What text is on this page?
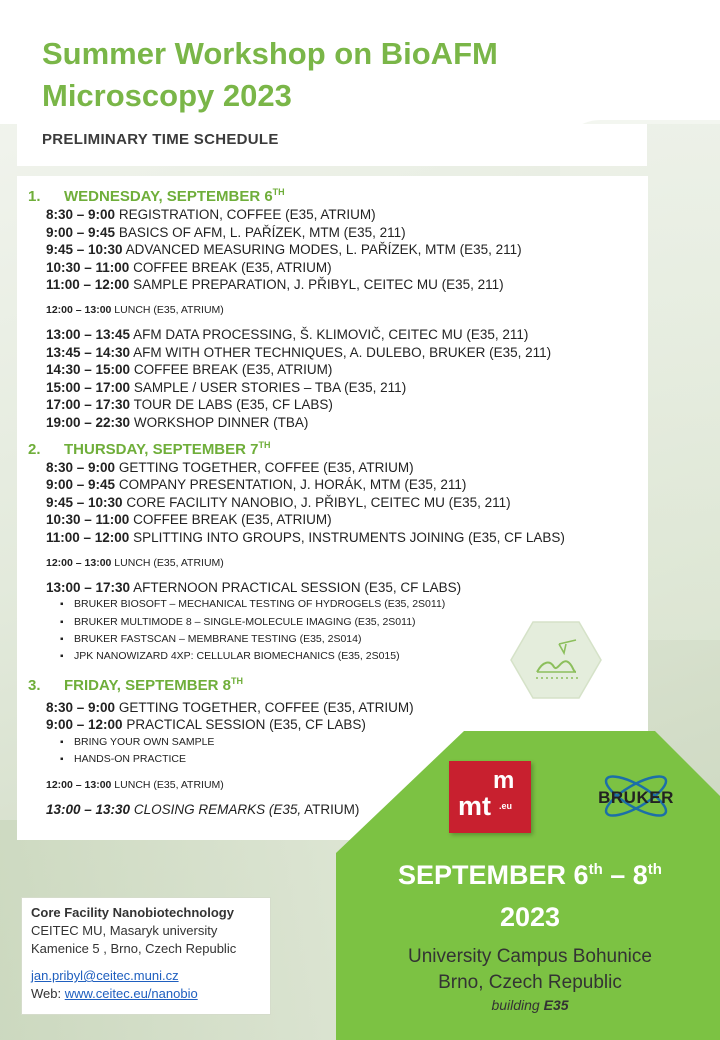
Summer Workshop on BioAFM
Microscopy 2023
PRELIMINARY TIME SCHEDULE
1. WEDNESDAY, SEPTEMBER 6TH
8:30 – 9:00 REGISTRATION, COFFEE (E35, ATRIUM)
9:00 – 9:45 BASICS OF AFM, L. PAŘÍZEK, MTM (E35, 211)
9:45 – 10:30 ADVANCED MEASURING MODES, L. PAŘÍZEK, MTM (E35, 211)
10:30 – 11:00 COFFEE BREAK (E35, ATRIUM)
11:00 – 12:00 SAMPLE PREPARATION, J. PŘIBYL, CEITEC MU (E35, 211)
12:00 – 13:00 LUNCH (E35, ATRIUM)
13:00 – 13:45 AFM DATA PROCESSING, Š. KLIMOVIČ, CEITEC MU (E35, 211)
13:45 – 14:30 AFM WITH OTHER TECHNIQUES, A. DULEBO, BRUKER (E35, 211)
14:30 – 15:00 COFFEE BREAK (E35, ATRIUM)
15:00 – 17:00 SAMPLE / USER STORIES – TBA (E35, 211)
17:00 – 17:30 TOUR DE LABS (E35, CF LABS)
19:00 – 22:30 WORKSHOP DINNER (TBA)
2. THURSDAY, SEPTEMBER 7TH
8:30 – 9:00 GETTING TOGETHER, COFFEE (E35, ATRIUM)
9:00 – 9:45 COMPANY PRESENTATION, J. HORÁK, MTM (E35, 211)
9:45 – 10:30 CORE FACILITY NANOBIO, J. PŘIBYL, CEITEC MU (E35, 211)
10:30 – 11:00 COFFEE BREAK (E35, ATRIUM)
11:00 – 12:00 SPLITTING INTO GROUPS, INSTRUMENTS JOINING (E35, CF LABS)
12:00 – 13:00 LUNCH (E35, ATRIUM)
13:00 – 17:30 AFTERNOON PRACTICAL SESSION (E35, CF LABS)
▪ BRUKER BIOSOFT – MECHANICAL TESTING OF HYDROGELS (E35, 2S011)
▪ BRUKER MULTIMODE 8 – SINGLE-MOLECULE IMAGING (E35, 2S011)
▪ BRUKER FASTSCAN – MEMBRANE TESTING (E35, 2S014)
▪ JPK NANOWIZARD 4XP: CELLULAR BIOMECHANICS (E35, 2S015)
3. FRIDAY, SEPTEMBER 8TH
8:30 – 9:00 GETTING TOGETHER, COFFEE (E35, ATRIUM)
9:00 – 12:00 PRACTICAL SESSION (E35, CF LABS)
▪ BRING YOUR OWN SAMPLE
▪ HANDS-ON PRACTICE
12:00 – 13:00 LUNCH (E35, ATRIUM)
13:00 – 13:30 CLOSING REMARKS (E35, ATRIUM)
m
mt .eu	BRUKER
SEPTEMBER 6th – 8th
2023
University Campus Bohunice
Brno, Czech Republic
building E35
Core Facility Nanobiotechnology
CEITEC MU, Masaryk university
Kamenice 5 , Brno, Czech Republic
jan.pribyl@ceitec.muni.cz
Web: www.ceitec.eu/nanobio
